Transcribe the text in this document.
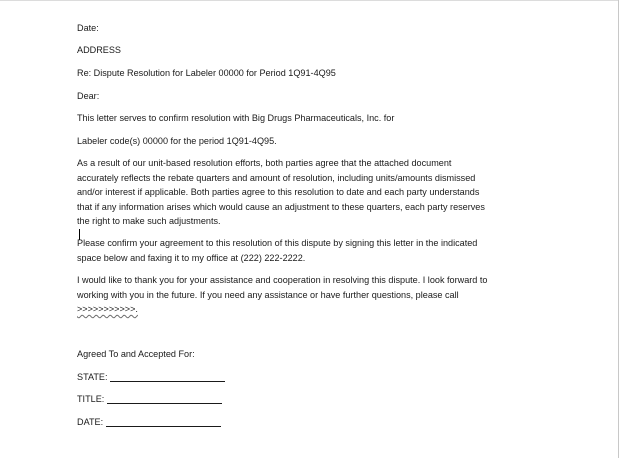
Date:
ADDRESS
Re: Dispute Resolution for Labeler 00000 for Period 1Q91-4Q95
Dear:
This letter serves to confirm resolution with Big Drugs Pharmaceuticals, Inc. for
Labeler code(s) 00000 for the period 1Q91-4Q95.
As a result of our unit-based resolution efforts, both parties agree that the attached document
accurately reflects the rebate quarters and amount of resolution, including units/amounts dismissed
and/or interest if applicable. Both parties agree to this resolution to date and each party understands
that if any information arises which would cause an adjustment to these quarters, each party reserves
the right to make such adjustments.
Please confirm your agreement to this resolution of this dispute by signing this letter in the indicated
space below and faxing it to my office at (222) 222-2222.
I would like to thank you for your assistance and cooperation in resolving this dispute. I look forward to
working with you in the future. If you need any assistance or have further questions, please call
>>>>>>>>>>>.
Agreed To and Accepted For:
STATE:
TITLE:
DATE:
